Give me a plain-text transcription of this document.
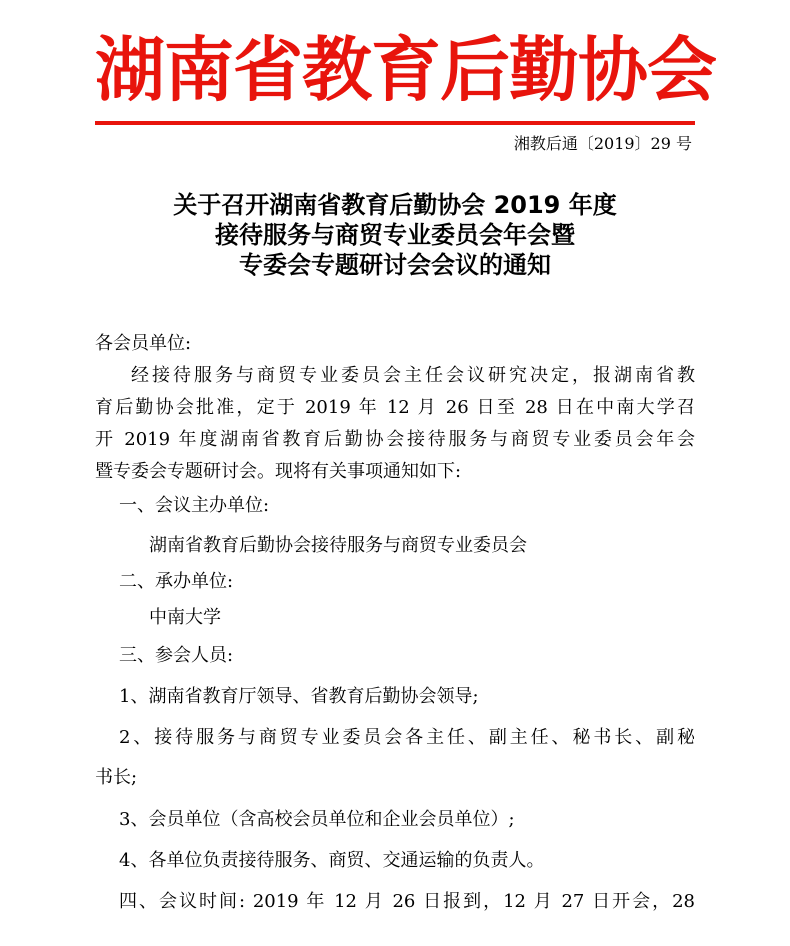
湖南省教育后勤协会
湘教后通〔2019〕29 号
关于召开湖南省教育后勤协会 2019 年度
接待服务与商贸专业委员会年会暨
专委会专题研讨会会议的通知
各会员单位:
经接待服务与商贸专业委员会主任会议研究决定，报湖南省教
育后勤协会批准，定于 2019 年 12 月 26 日至 28 日在中南大学召
开 2019 年度湖南省教育后勤协会接待服务与商贸专业委员会年会
暨专委会专题研讨会。现将有关事项通知如下:
一、会议主办单位:
湖南省教育后勤协会接待服务与商贸专业委员会
二、承办单位:
中南大学
三、参会人员:
1、湖南省教育厅领导、省教育后勤协会领导;
2、接待服务与商贸专业委员会各主任、副主任、秘书长、副秘
书长;
3、会员单位（含高校会员单位和企业会员单位）;
4、各单位负责接待服务、商贸、交通运输的负责人。
四、会议时间: 2019 年 12 月 26 日报到，12 月 27 日开会，28
